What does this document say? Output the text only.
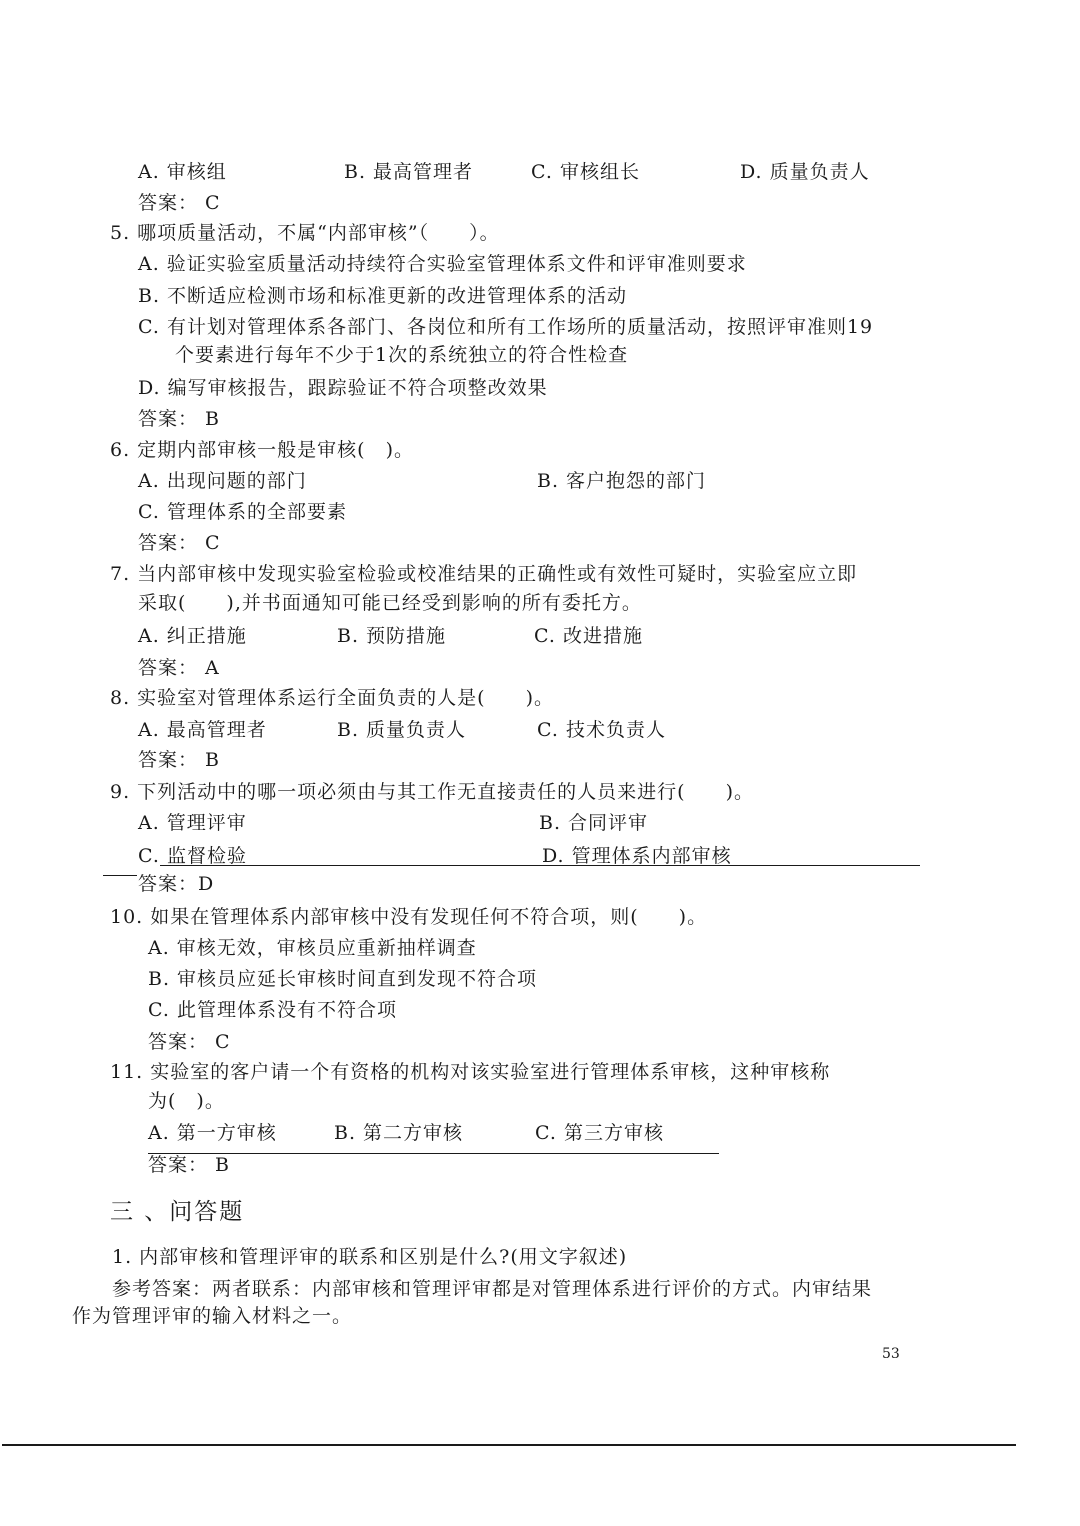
A. 审核组	B. 最高管理者	C. 审核组长	D. 质量负责人
答案： C
5. 哪项质量活动，不属“内部审核”（　　）。
A. 验证实验室质量活动持续符合实验室管理体系文件和评审准则要求
B. 不断适应检测市场和标准更新的改进管理体系的活动
C. 有计划对管理体系各部门、各岗位和所有工作场所的质量活动，按照评审准则19
个要素进行每年不少于1次的系统独立的符合性检查
D. 编写审核报告，跟踪验证不符合项整改效果
答案： B
6. 定期内部审核一般是审核(　)。
A. 出现问题的部门	B. 客户抱怨的部门
C. 管理体系的全部要素
答案： C
7. 当内部审核中发现实验室检验或校准结果的正确性或有效性可疑时，实验室应立即
采取(　　),并书面通知可能已经受到影响的所有委托方。
A. 纠正措施	B. 预防措施	C. 改进措施
答案： A
8. 实验室对管理体系运行全面负责的人是(　　)。
A. 最高管理者	B. 质量负责人	C. 技术负责人
答案： B
9. 下列活动中的哪一项必须由与其工作无直接责任的人员来进行(　　)。
A. 管理评审	B. 合同评审
C. 监督检验	D. 管理体系内部审核
答案：D
10. 如果在管理体系内部审核中没有发现任何不符合项，则(　　)。
A. 审核无效，审核员应重新抽样调查
B. 审核员应延长审核时间直到发现不符合项
C. 此管理体系没有不符合项
答案： C
11. 实验室的客户请一个有资格的机构对该实验室进行管理体系审核，这种审核称
为(　)。
A. 第一方审核	B. 第二方审核	C. 第三方审核
答案： B
三 、问答题
1. 内部审核和管理评审的联系和区别是什么?(用文字叙述)
参考答案：两者联系：内部审核和管理评审都是对管理体系进行评价的方式。内审结果
作为管理评审的输入材料之一。
53
